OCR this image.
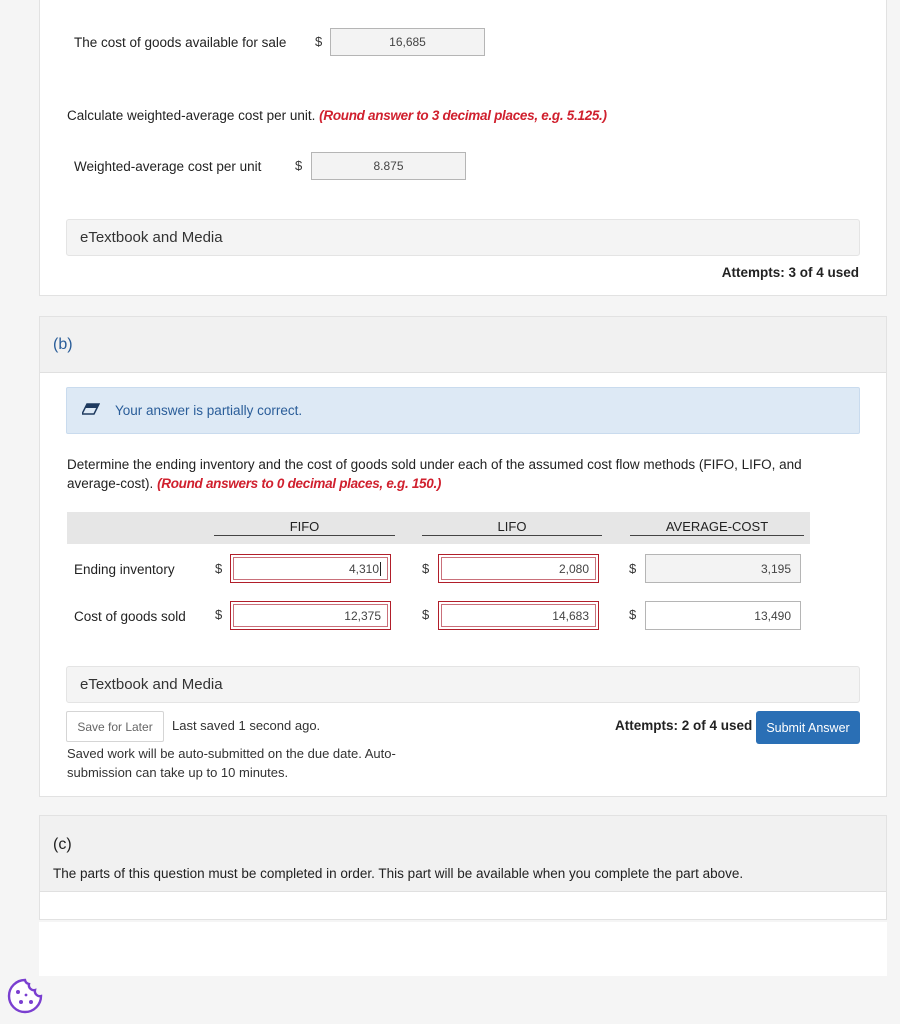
The cost of goods available for sale $	16,685
Calculate weighted-average cost per unit. (Round answer to 3 decimal places, e.g. 5.125.)
Weighted-average cost per unit	$	8.875
eTextbook and Media
Attempts: 3 of 4 used
(b)
Your answer is partially correct.
Determine the ending inventory and the cost of goods sold under each of the assumed cost flow methods (FIFO, LIFO, and average-cost). (Round answers to 0 decimal places, e.g. 150.)
FIFO	LIFO	AVERAGE-COST
Ending inventory	$	4,310	$	2,080	$	3,195
Cost of goods sold $	12,375	$	14,683	$	13,490
eTextbook and Media
Save for Later	Last saved 1 second ago.
Saved work will be auto-submitted on the due date. Auto-submission can take up to 10 minutes.
Attempts: 2 of 4 used	Submit Answer
(c)
The parts of this question must be completed in order. This part will be available when you complete the part above.
